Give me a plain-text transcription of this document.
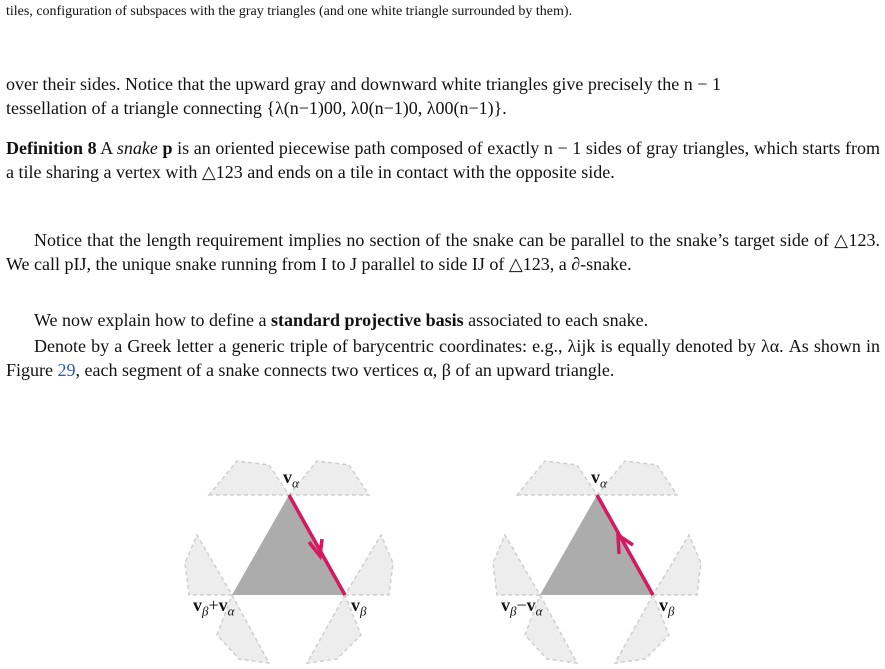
tiles, configuration of subspaces with the gray triangles (and one white triangle surrounded by them).
over their sides. Notice that the upward gray and downward white triangles give precisely the n − 1
tessellation of a triangle connecting {λ(n−1)00, λ0(n−1)0, λ00(n−1)}.
Definition 8 A snake p is an oriented piecewise path composed of exactly n − 1 sides of gray triangles, which starts from a tile sharing a vertex with △123 and ends on a tile in contact with the opposite side.
Notice that the length requirement implies no section of the snake can be parallel to the snake’s target side of △123. We call pIJ, the unique snake running from I to J parallel to side IJ of △123, a ∂-snake.
We now explain how to define a standard projective basis associated to each snake.
Denote by a Greek letter a generic triple of barycentric coordinates: e.g., λijk is equally denoted by λα. As shown in Figure 29, each segment of a snake connects two vertices α, β of an upward triangle.
$v_\alpha$
$v_\beta+v_\alpha$	$v_\beta$
$v_\alpha$
$v_\beta-v_\alpha$	$v_\beta$
